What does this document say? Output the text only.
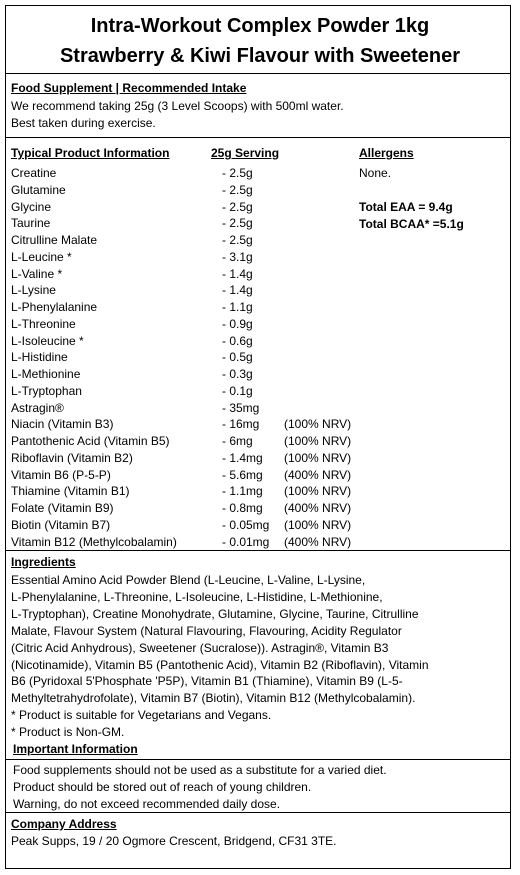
Intra-Workout Complex Powder 1kg
Strawberry & Kiwi Flavour with Sweetener
Food Supplement | Recommended Intake
We recommend taking 25g (3 Level Scoops) with 500ml water.
Best taken during exercise.
Typical Product Information	25g Serving	Allergens
None.
Total EAA = 9.4g
Total BCAA* =5.1g
Creatine	- 2.5g
Glutamine	- 2.5g
Glycine	- 2.5g
Taurine	- 2.5g
Citrulline Malate	- 2.5g
L-Leucine *	- 3.1g
L-Valine *	- 1.4g
L-Lysine	- 1.4g
L-Phenylalanine	- 1.1g
L-Threonine	- 0.9g
L-Isoleucine *	- 0.6g
L-Histidine	- 0.5g
L-Methionine	- 0.3g
L-Tryptophan	- 0.1g
Astragin®	- 35mg
Niacin (Vitamin B3)	- 16mg (100% NRV)
Pantothenic Acid (Vitamin B5)	- 6mg	(100% NRV)
Riboflavin (Vitamin B2)	- 1.4mg (100% NRV)
Vitamin B6 (P-5-P)	- 5.6mg (400% NRV)
Thiamine (Vitamin B1)	- 1.1mg (100% NRV)
Folate (Vitamin B9)	- 0.8mg (400% NRV)
Biotin (Vitamin B7)	- 0.05mg (100% NRV)
Vitamin B12 (Methylcobalamin)	- 0.01mg (400% NRV)
Ingredients
Essential Amino Acid Powder Blend (L-Leucine, L-Valine, L-Lysine,
L-Phenylalanine, L-Threonine, L-Isoleucine, L-Histidine, L-Methionine,
L-Tryptophan), Creatine Monohydrate, Glutamine, Glycine, Taurine, Citrulline
Malate, Flavour System (Natural Flavouring, Flavouring, Acidity Regulator
(Citric Acid Anhydrous), Sweetener (Sucralose)). Astragin®, Vitamin B3
(Nicotinamide), Vitamin B5 (Pantothenic Acid), Vitamin B2 (Riboflavin), Vitamin
B6 (Pyridoxal 5'Phosphate 'P5P), Vitamin B1 (Thiamine), Vitamin B9 (L-5-
Methyltetrahydrofolate), Vitamin B7 (Biotin), Vitamin B12 (Methylcobalamin).
* Product is suitable for Vegetarians and Vegans.
* Product is Non-GM.
Important Information
Food supplements should not be used as a substitute for a varied diet.
Product should be stored out of reach of young children.
Warning, do not exceed recommended daily dose.
Company Address
Peak Supps, 19 / 20 Ogmore Crescent, Bridgend, CF31 3TE.
